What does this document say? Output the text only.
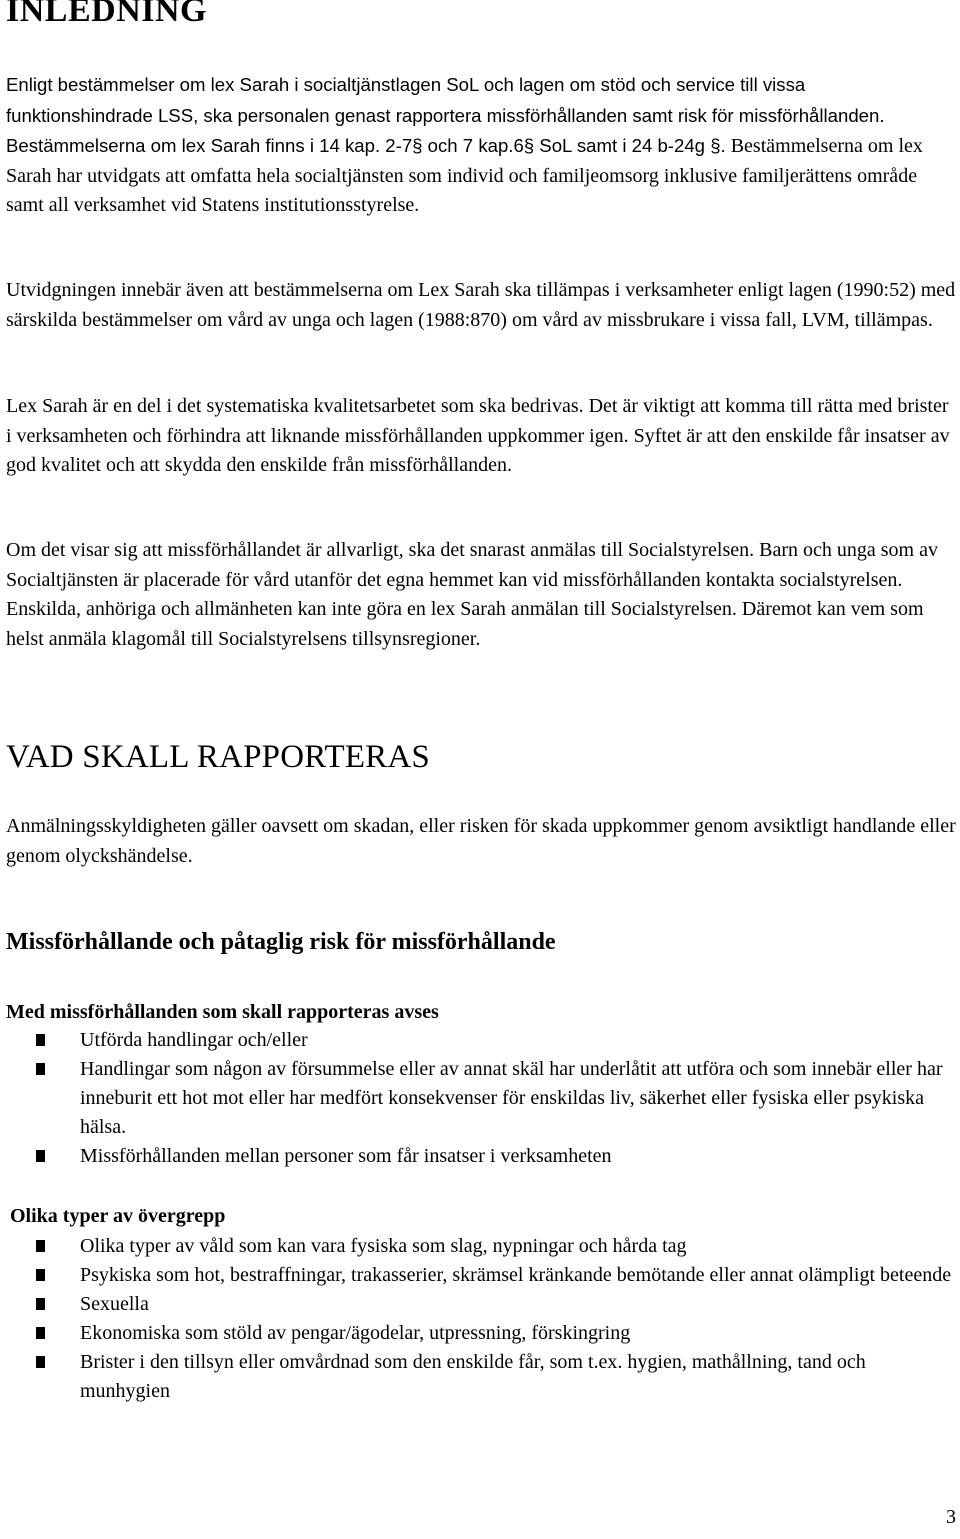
INLEDNING

Enligt bestämmelser om lex Sarah i socialtjänstlagen SoL och lagen om stöd och service till vissa funktionshindrade LSS, ska personalen genast rapportera missförhållanden samt risk för missförhållanden. Bestämmelserna om lex Sarah finns i 14 kap. 2-7§ och 7 kap.6§ SoL samt i 24 b-24g §. Bestämmelserna om lex Sarah har utvidgats att omfatta hela socialtjänsten som individ och familjeomsorg inklusive familjerättens område samt all verksamhet vid Statens institutionsstyrelse.

Utvidgningen innebär även att bestämmelserna om Lex Sarah ska tillämpas i verksamheter enligt lagen (1990:52) med särskilda bestämmelser om vård av unga och lagen (1988:870) om vård av missbrukare i vissa fall, LVM, tillämpas.

Lex Sarah är en del i det systematiska kvalitetsarbetet som ska bedrivas. Det är viktigt att komma till rätta med brister i verksamheten och förhindra att liknande missförhållanden uppkommer igen. Syftet är att den enskilde får insatser av god kvalitet och att skydda den enskilde från missförhållanden.

Om det visar sig att missförhållandet är allvarligt, ska det snarast anmälas till Socialstyrelsen. Barn och unga som av Socialtjänsten är placerade för vård utanför det egna hemmet kan vid missförhållanden kontakta socialstyrelsen. Enskilda, anhöriga och allmänheten kan inte göra en lex Sarah anmälan till Socialstyrelsen. Däremot kan vem som helst anmäla klagomål till Socialstyrelsens tillsynsregioner.

VAD SKALL RAPPORTERAS

Anmälningsskyldigheten gäller oavsett om skadan, eller risken för skada uppkommer genom avsiktligt handlande eller genom olyckshändelse.

Missförhållande och påtaglig risk för missförhållande
Med missförhållanden som skall rapporteras avses
Utförda handlingar och/eller
Handlingar som någon av försummelse eller av annat skäl har underlåtit att utföra och som innebär eller har inneburit ett hot mot eller har medfört konsekvenser för enskildas liv, säkerhet eller fysiska eller psykiska hälsa.
Missförhållanden mellan personer som får insatser i verksamheten
Olika typer av övergrepp
Olika typer av våld som kan vara fysiska som slag, nypningar och hårda tag
Psykiska som hot, bestraffningar, trakasserier, skrämsel kränkande bemötande eller annat olämpligt beteende
Sexuella
Ekonomiska som stöld av pengar/ägodelar, utpressning, förskingring
Brister i den tillsyn eller omvårdnad som den enskilde får, som t.ex. hygien, mathållning, tand och munhygien
3
